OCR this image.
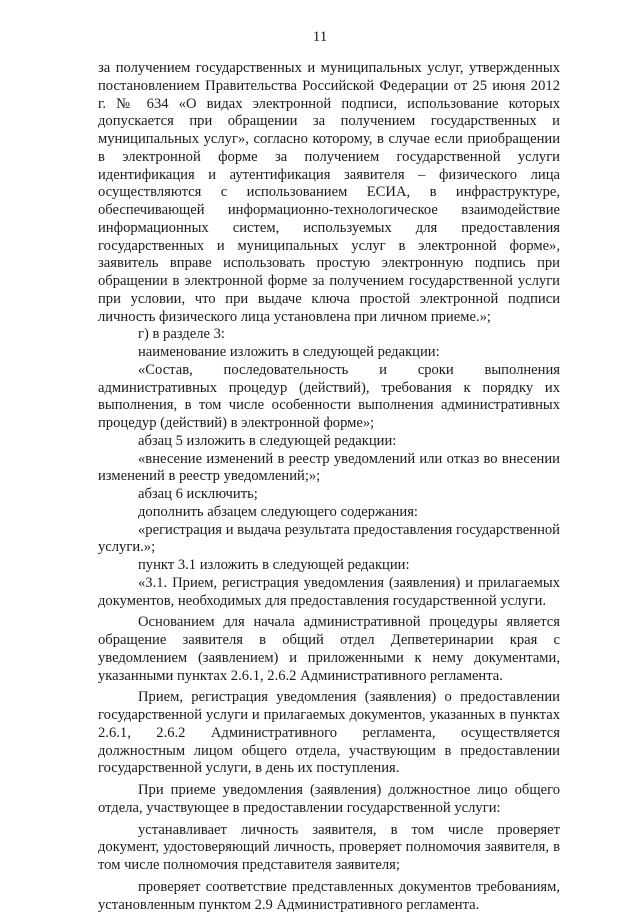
11

за получением государственных и муниципальных услуг, утвержденных постановлением Правительства Российской Федерации от 25 июня 2012 г. № 634 «О видах электронной подписи, использование которых допускается при обращении за получением государственных и муниципальных услуг», согласно которому, в случае если приобращении в электронной форме за получением государственной услуги идентификация и аутентификация заявителя – физического лица осуществляются с использованием ЕСИА, в инфраструктуре, обеспечивающей информационно-технологическое взаимодействие информационных систем, используемых для предоставления государственных и муниципальных услуг в электронной форме», заявитель вправе использовать простую электронную подпись при обращении в электронной форме за получением государственной услуги при условии, что при выдаче ключа простой электронной подписи личность физического лица установлена при личном приеме.»;

г) в разделе 3:

наименование изложить в следующей редакции:

«Состав, последовательность и сроки выполнения административных процедур (действий), требования к порядку их выполнения, в том числе особенности выполнения административных процедур (действий) в электронной форме»;

абзац 5 изложить в следующей редакции:

«внесение изменений в реестр уведомлений или отказ во внесении изменений в реестр уведомлений;»;

абзац 6 исключить;

дополнить абзацем следующего содержания:

«регистрация и выдача результата предоставления государственной услуги.»;

пункт 3.1 изложить в следующей редакции:

«3.1. Прием, регистрация уведомления (заявления) и прилагаемых документов, необходимых для предоставления государственной услуги.

Основанием для начала административной процедуры является обращение заявителя в общий отдел Депветеринарии края с уведомлением (заявлением) и приложенными к нему документами, указанными пунктах 2.6.1, 2.6.2 Административного регламента.

Прием, регистрация уведомления (заявления) о предоставлении государственной услуги и прилагаемых документов, указанных в пунктах 2.6.1, 2.6.2 Административного регламента, осуществляется должностным лицом общего отдела, участвующим в предоставлении государственной услуги, в день их поступления.

При приеме уведомления (заявления) должностное лицо общего отдела, участвующее в предоставлении государственной услуги:

устанавливает личность заявителя, в том числе проверяет документ, удостоверяющий личность, проверяет полномочия заявителя, в том числе полномочия представителя заявителя;

проверяет соответствие представленных документов требованиям, установленным пунктом 2.9 Административного регламента.
